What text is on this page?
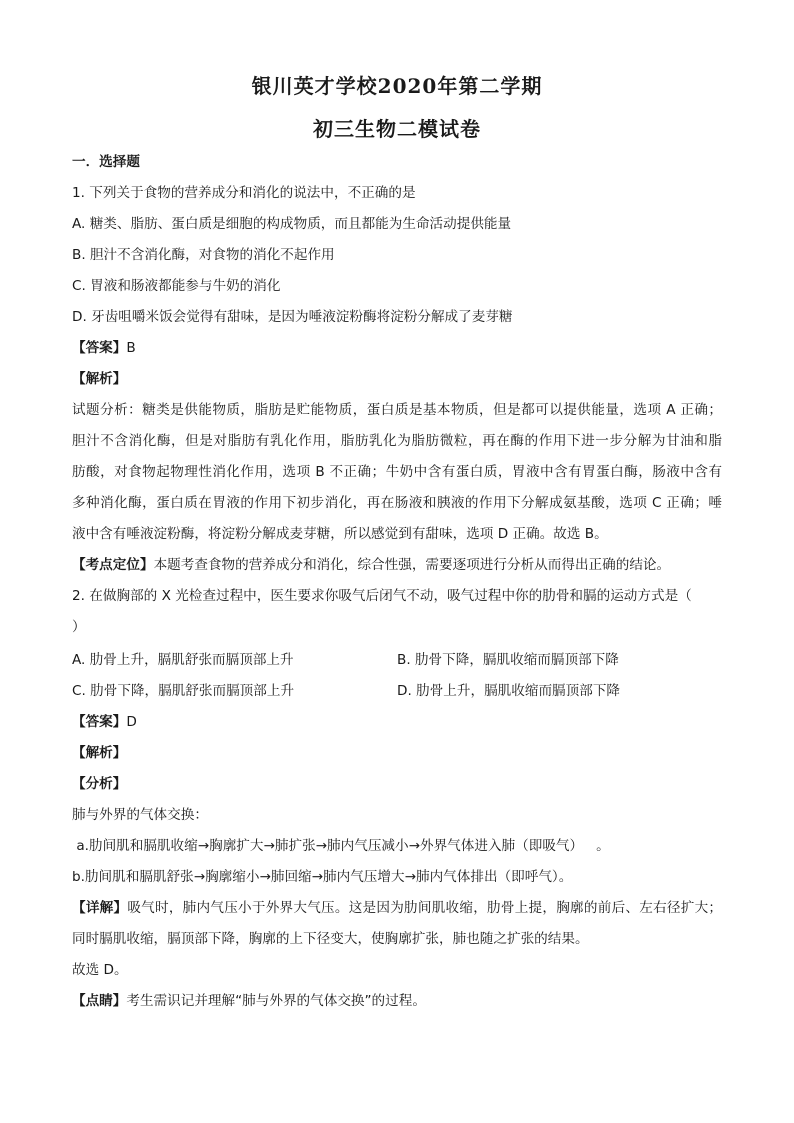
银川英才学校2020年第二学期
初三生物二模试卷
一．选择题
1. 下列关于食物的营养成分和消化的说法中，不正确的是
A. 糖类、脂肪、蛋白质是细胞的构成物质，而且都能为生命活动提供能量
B. 胆汁不含消化酶，对食物的消化不起作用
C. 胃液和肠液都能参与牛奶的消化
D. 牙齿咀嚼米饭会觉得有甜味，是因为唾液淀粉酶将淀粉分解成了麦芽糖
【答案】B
【解析】
试题分析：糖类是供能物质，脂肪是贮能物质，蛋白质是基本物质，但是都可以提供能量，选项 A 正确；
胆汁不含消化酶，但是对脂肪有乳化作用，脂肪乳化为脂肪微粒，再在酶的作用下进一步分解为甘油和脂
肪酸，对食物起物理性消化作用，选项 B 不正确；牛奶中含有蛋白质，胃液中含有胃蛋白酶，肠液中含有
多种消化酶，蛋白质在胃液的作用下初步消化，再在肠液和胰液的作用下分解成氨基酸，选项 C 正确；唾
液中含有唾液淀粉酶，将淀粉分解成麦芽糖，所以感觉到有甜味，选项 D 正确。故选 B。
【考点定位】本题考查食物的营养成分和消化，综合性强，需要逐项进行分析从而得出正确的结论。
2. 在做胸部的 X 光检查过程中，医生要求你吸气后闭气不动，吸气过程中你的肋骨和膈的运动方式是（
）
A. 肋骨上升，膈肌舒张而膈顶部上升	B. 肋骨下降，膈肌收缩而膈顶部下降
C. 肋骨下降，膈肌舒张而膈顶部上升	D. 肋骨上升，膈肌收缩而膈顶部下降
【答案】D
【解析】
【分析】
肺与外界的气体交换：
a.肋间肌和膈肌收缩→胸廓扩大→肺扩张→肺内气压减小→外界气体进入肺（即吸气）   。
b.肋间肌和膈肌舒张→胸廓缩小→肺回缩→肺内气压增大→肺内气体排出（即呼气）。
【详解】吸气时，肺内气压小于外界大气压。这是因为肋间肌收缩，肋骨上提，胸廓的前后、左右径扩大；
同时膈肌收缩，膈顶部下降，胸廓的上下径变大，使胸廓扩张，肺也随之扩张的结果。
故选 D。
【点睛】考生需识记并理解“肺与外界的气体交换”的过程。
